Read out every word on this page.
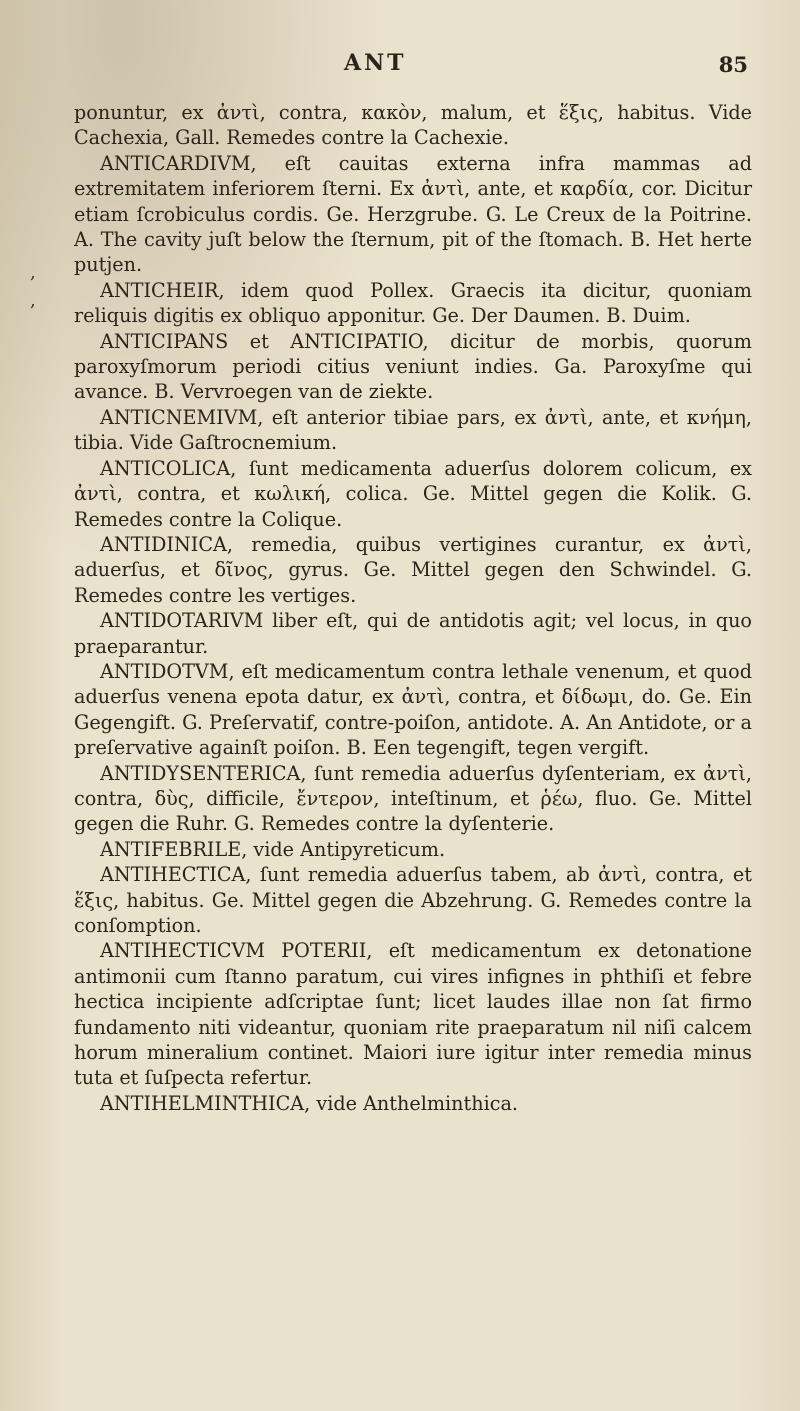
,
,
ANT	85

ponuntur, ex ἀντὶ, contra, κακὸν, malum, et ἕξις, habitus. Vide Cachexia, Gall. Remedes contre la Cachexie.

ANTICARDIVM, eſt cauitas externa infra mammas ad extremitatem inferiorem ſterni. Ex ἀντὶ, ante, et καρδία, cor. Dicitur etiam ſcrobiculus cordis. Ge. Herzgrube. G. Le Creux de la Poitrine. A. The cavity juſt below the ſternum, pit of the ſtomach. B. Het herte putjen.

ANTICHEIR, idem quod Pollex. Graecis ita dicitur, quoniam reliquis digitis ex obliquo apponitur. Ge. Der Daumen. B. Duim.

ANTICIPANS et ANTICIPATIO, dicitur de morbis, quorum paroxyſmorum periodi citius veniunt indies. Ga. Paroxyſme qui avance. B. Vervroegen van de ziekte.

ANTICNEMIVM, eſt anterior tibiae pars, ex ἀντὶ, ante, et κνήμη, tibia. Vide Gaſtrocnemium.

ANTICOLICA, ſunt medicamenta aduerſus dolorem colicum, ex ἀντὶ, contra, et κωλική, colica. Ge. Mittel gegen die Kolik. G. Remedes contre la Colique.

ANTIDINICA, remedia, quibus vertigines curantur, ex ἀντὶ, aduerſus, et δῖνος, gyrus. Ge. Mittel gegen den Schwindel. G. Remedes contre les vertiges.

ANTIDOTARIVM liber eſt, qui de antidotis agit; vel locus, in quo praeparantur.

ANTIDOTVM, eſt medicamentum contra lethale venenum, et quod aduerſus venena epota datur, ex ἀντὶ, contra, et δίδωμι, do. Ge. Ein Gegengift. G. Preſervatif, contre-poiſon, antidote. A. An Antidote, or a preſervative againſt poiſon. B. Een tegengift, tegen vergift.

ANTIDYSENTERICA, ſunt remedia aduerſus dyſenteriam, ex ἀντὶ, contra, δὺς, difficile, ἔντερον, inteſtinum, et ῥέω, fluo. Ge. Mittel gegen die Ruhr. G. Remedes contre la dyſenterie.

ANTIFEBRILE, vide Antipyreticum.

ANTIHECTICA, ſunt remedia aduerſus tabem, ab ἀντὶ, contra, et ἕξις, habitus. Ge. Mittel gegen die Abzehrung. G. Remedes contre la conſomption.

ANTIHECTICVM POTERII, eſt medicamentum ex detonatione antimonii cum ſtanno paratum, cui vires infignes in phthiſi et febre hectica incipiente adſcriptae ſunt; licet laudes illae non ſat firmo fundamento niti videantur, quoniam rite praeparatum nil niſi calcem horum mineralium continet. Maiori iure igitur inter remedia minus tuta et ſuſpecta refertur.

ANTIHELMINTHICA, vide Anthelminthica.
